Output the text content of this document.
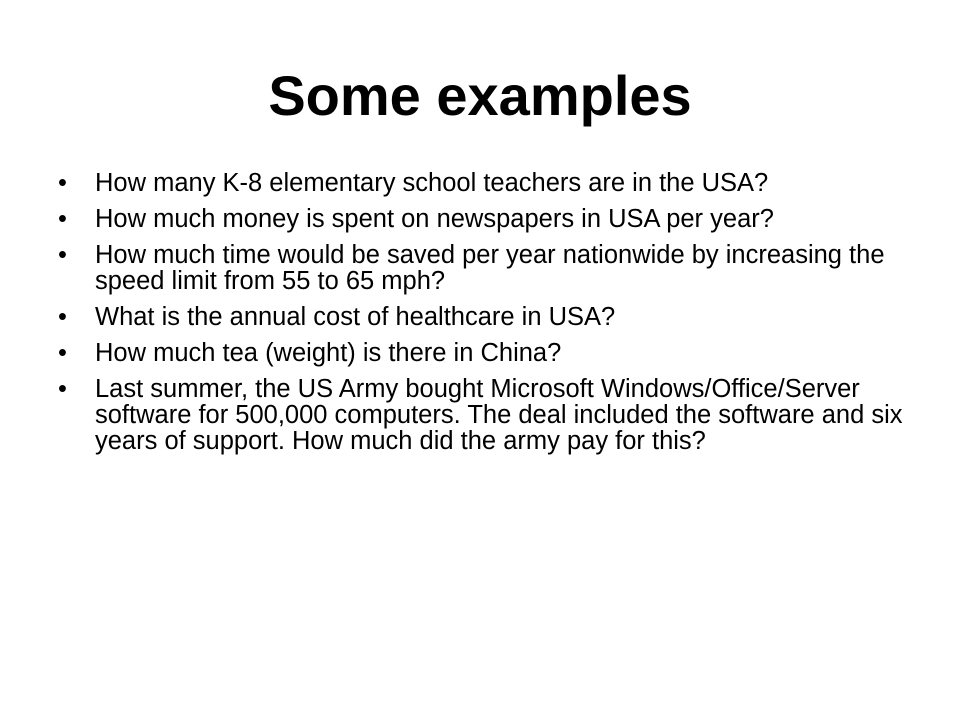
Some examples
•	How many K-8 elementary school teachers are in the USA?
•	How much money is spent on newspapers in USA per year?
•	How much time would be saved per year nationwide by increasing the speed limit from 55 to 65 mph?
•	What is the annual cost of healthcare in USA?
•	How much tea (weight) is there in China?
•	Last summer, the US Army bought Microsoft Windows/Office/Server software for 500,000 computers. The deal included the software and six years of support. How much did the army pay for this?
